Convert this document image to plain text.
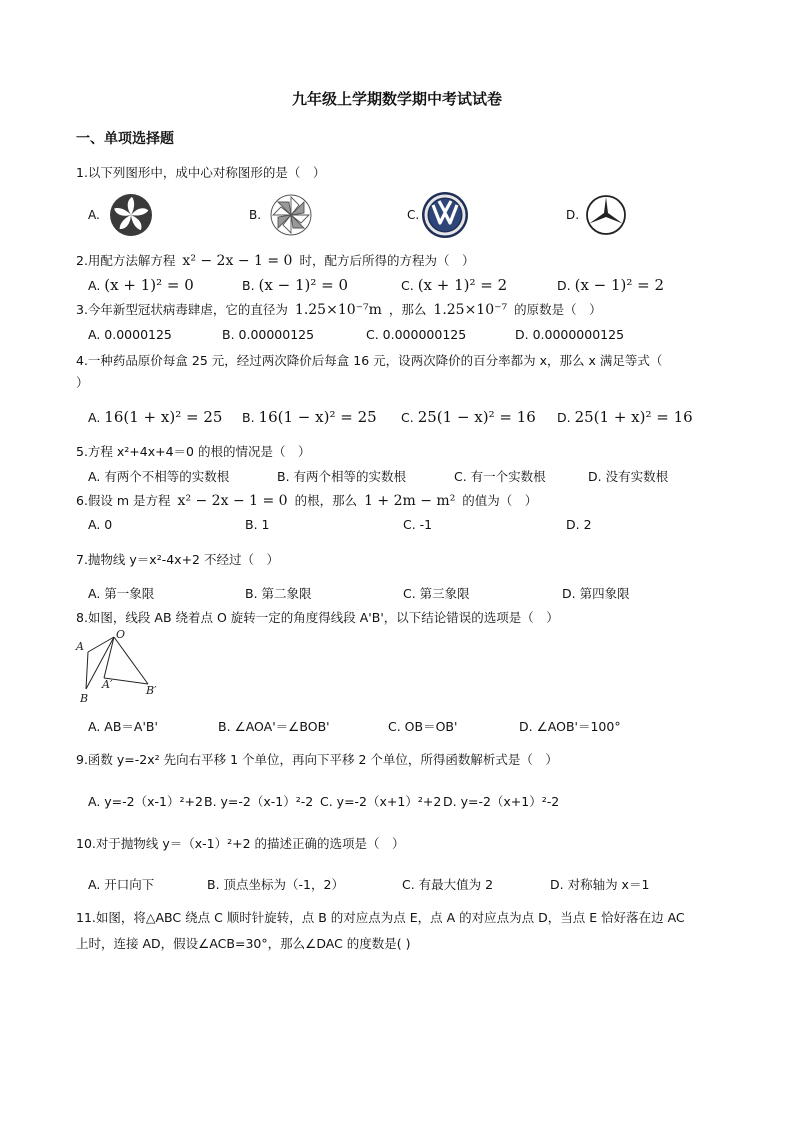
九年级上学期数学期中考试试卷
一、单项选择题
1.以下列图形中，成中心对称图形的是（　）
A.	B.	C.	D.
2.用配方法解方程 x² − 2x − 1 = 0 时，配方后所得的方程为（　）
A. (x + 1)² = 0	B. (x − 1)² = 0	C. (x + 1)² = 2	D. (x − 1)² = 2
3.今年新型冠状病毒肆虐，它的直径为 1.25×10⁻⁷m ，那么 1.25×10⁻⁷ 的原数是（　）
A. 0.0000125	B. 0.00000125	C. 0.000000125	D. 0.0000000125
4.一种药品原价每盒 25 元，经过两次降价后每盒 16 元，设两次降价的百分率都为 x，那么 x 满足等式（
）
A. 16(1 + x)² = 25 B. 16(1 − x)² = 25 C. 25(1 − x)² = 16 D. 25(1 + x)² = 16
5.方程 x²+4x+4＝0 的根的情况是（　）
A. 有两个不相等的实数根	B. 有两个相等的实数根	C. 有一个实数根	D. 没有实数根
6.假设 m 是方程 x² − 2x − 1 = 0 的根，那么 1 + 2m − m² 的值为（　）
A. 0	B. 1	C. -1	D. 2
7.抛物线 y＝x²-4x+2 不经过（　）
A. 第一象限	B. 第二象限	C. 第三象限	D. 第四象限
8.如图，线段 AB 绕着点 O 旋转一定的角度得线段 A'B'，以下结论错误的选项是（　）
O
A
B
A′	B′
A. AB＝A'B'	B. ∠AOA'＝∠BOB'	C. OB＝OB'	D. ∠AOB'＝100°
9.函数 y=-2x² 先向右平移 1 个单位，再向下平移 2 个单位，所得函数解析式是（　）
A. y=-2（x-1）²+2 B. y=-2（x-1）²-2 C. y=-2（x+1）²+2 D. y=-2（x+1）²-2
10.对于抛物线 y＝（x-1）²+2 的描述正确的选项是（　）
A. 开口向下	B. 顶点坐标为（-1，2）	C. 有最大值为 2	D. 对称轴为 x＝1
11.如图，将△ABC 绕点 C 顺时针旋转，点 B 的对应点为点 E，点 A 的对应点为点 D，当点 E 恰好落在边 AC
上时，连接 AD，假设∠ACB=30°，那么∠DAC 的度数是( )
